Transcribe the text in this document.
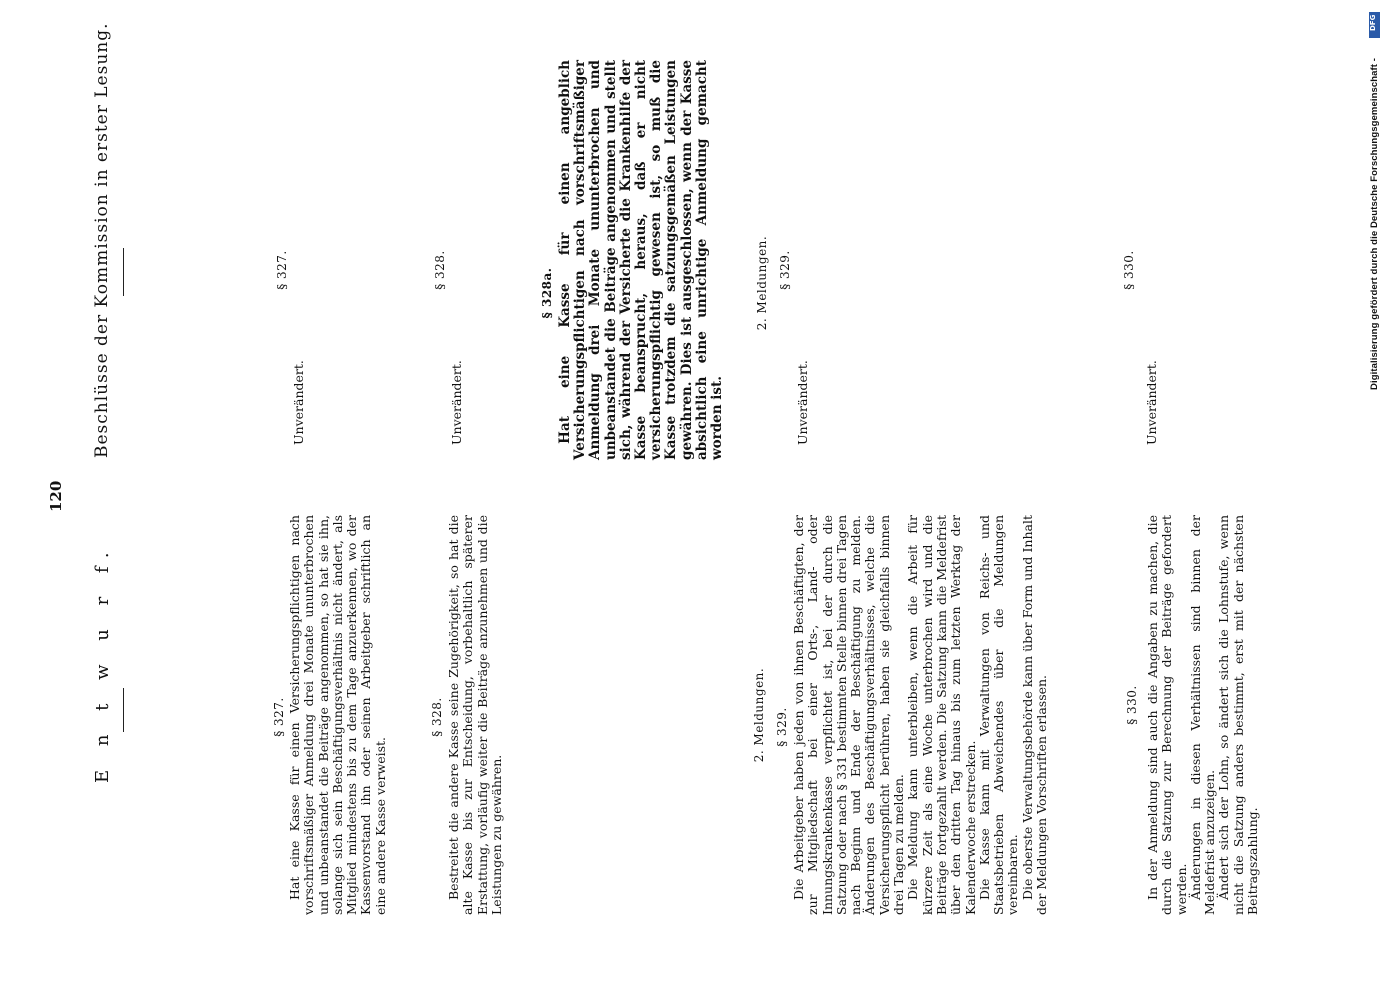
120
E n t w u r f.
Beschlüsse der Kommission in erster Lesung.
§ 327. Hat eine Kasse für einen Versicherungspflichtigen nach vorschriftsmäßiger Anmeldung drei Monate ununterbrochen und unbeanstandet die Beiträge angenommen, so hat sie ihn, solange sich sein Beschäftigungsverhältnis nicht ändert, als Mitglied mindestens bis zu dem Tage anzuerkennen, wo der Kassenvorstand ihn oder seinen Arbeitgeber schriftlich an eine andere Kasse verweist.

§ 328. Bestreitet die andere Kasse seine Zugehörigkeit, so hat die alte Kasse bis zur Entscheidung, vorbehaltlich späterer Erstattung, vorläufig weiter die Beiträge anzunehmen und die Leistungen zu gewähren.

2. Meldungen. § 329. Die Arbeitgeber haben jeden von ihnen Beschäftigten, der zur Mitgliedschaft bei einer Orts-, Land- oder Innungskrankenkasse verpflichtet ist, bei der durch die Satzung oder nach § 331 bestimmten Stelle binnen drei Tagen nach Beginn und Ende der Beschäftigung zu melden. Änderungen des Beschäftigungsverhältnisses, welche die Versicherungspflicht berühren, haben sie gleichfalls binnen drei Tagen zu melden. Die Meldung kann unterbleiben, wenn die Arbeit für kürzere Zeit als eine Woche unterbrochen wird und die Beiträge fortgezahlt werden. Die Satzung kann die Meldefrist über den dritten Tag hinaus bis zum letzten Werktag der Kalenderwoche erstrecken. Die Kasse kann mit Verwaltungen von Reichs- und Staatsbetrieben Abweichendes über die Meldungen vereinbaren. Die oberste Verwaltungsbehörde kann über Form und Inhalt der Meldungen Vorschriften erlassen.	§ 330. In der Anmeldung sind auch die Angaben zu machen, die durch die Satzung zur Berechnung der Beiträge gefordert werden. Änderungen in diesen Verhältnissen sind binnen der Meldefrist anzuzeigen. Ändert sich der Lohn, so ändert sich die Lohnstufe, wenn nicht die Satzung anders bestimmt, erst mit der nächsten Beitragszahlung.

§ 327.
Unverändert.
§ 328.
Unverändert.
§ 328a. Hat eine Kasse für einen angeblich Versicherungspflichtigen nach vorschriftsmäßiger Anmeldung drei Monate ununterbrochen und unbeanstandet die Beiträge angenommen und stellt sich, während der Versicherte die Krankenhilfe der Kasse beansprucht, heraus, daß er nicht versicherungspflichtig gewesen ist, so muß die Kasse trotzdem die satzungsgemäßen Leistungen gewähren. Dies ist ausgeschlossen, wenn der Kasse absichtlich eine unrichtige Anmeldung gemacht worden ist.

2. Meldungen. § 329.
Unverändert.
§ 330.
Unverändert.
DFG
Digitalisierung gefördert durch die Deutsche Forschungsgemeinschaft -
